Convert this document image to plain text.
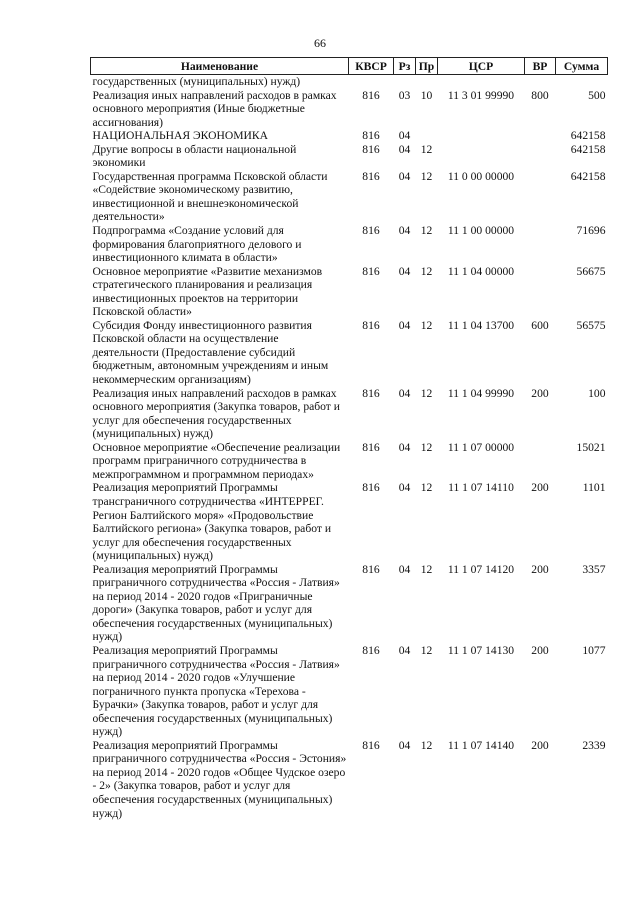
66
Наименование	КВСР	Рз	Пр	ЦСР	ВР	Сумма
государственных (муниципальных) нужд)						
Реализация иных направлений расходов в рамках основного мероприятия (Иные бюджетные ассигнования)	816	03	10	11 3 01 99990	800	500
НАЦИОНАЛЬНАЯ ЭКОНОМИКА	816	04				642158
Другие вопросы в области национальной экономики	816	04	12			642158
Государственная программа Псковской области «Содействие экономическому развитию, инвестиционной и внешнеэкономической деятельности»	816	04	12	11 0 00 00000		642158
Подпрограмма «Создание условий для формирования благоприятного делового и инвестиционного климата в области»	816	04	12	11 1 00 00000		71696
Основное мероприятие «Развитие механизмов стратегического планирования и реализация инвестиционных проектов на территории Псковской области»	816	04	12	11 1 04 00000		56675
Субсидия Фонду инвестиционного развития Псковской области на осуществление деятельности (Предоставление субсидий бюджетным, автономным учреждениям и иным некоммерческим организациям)	816	04	12	11 1 04 13700	600	56575
Реализация иных направлений расходов в рамках основного мероприятия (Закупка товаров, работ и услуг для обеспечения государственных (муниципальных) нужд)	816	04	12	11 1 04 99990	200	100
Основное мероприятие «Обеспечение реализации программ приграничного сотрудничества в межпрограммном и программном периодах»	816	04	12	11 1 07 00000		15021
Реализация мероприятий Программы трансграничного сотрудничества «ИНТЕРРЕГ. Регион Балтийского моря» «Продовольствие Балтийского региона» (Закупка товаров, работ и услуг для обеспечения государственных (муниципальных) нужд)	816	04	12	11 1 07 14110	200	1101
Реализация мероприятий Программы приграничного сотрудничества «Россия - Латвия» на период 2014 - 2020 годов «Приграничные дороги» (Закупка товаров, работ и услуг для обеспечения государственных (муниципальных) нужд)	816	04	12	11 1 07 14120	200	3357
Реализация мероприятий Программы приграничного сотрудничества «Россия - Латвия» на период 2014 - 2020 годов «Улучшение пограничного пункта пропуска «Терехова - Бурачки» (Закупка товаров, работ и услуг для обеспечения государственных (муниципальных) нужд)	816	04	12	11 1 07 14130	200	1077
Реализация мероприятий Программы приграничного сотрудничества «Россия - Эстония» на период 2014 - 2020 годов «Общее Чудское озеро - 2» (Закупка товаров, работ и услуг для обеспечения государственных (муниципальных) нужд)	816	04	12	11 1 07 14140	200	2339
